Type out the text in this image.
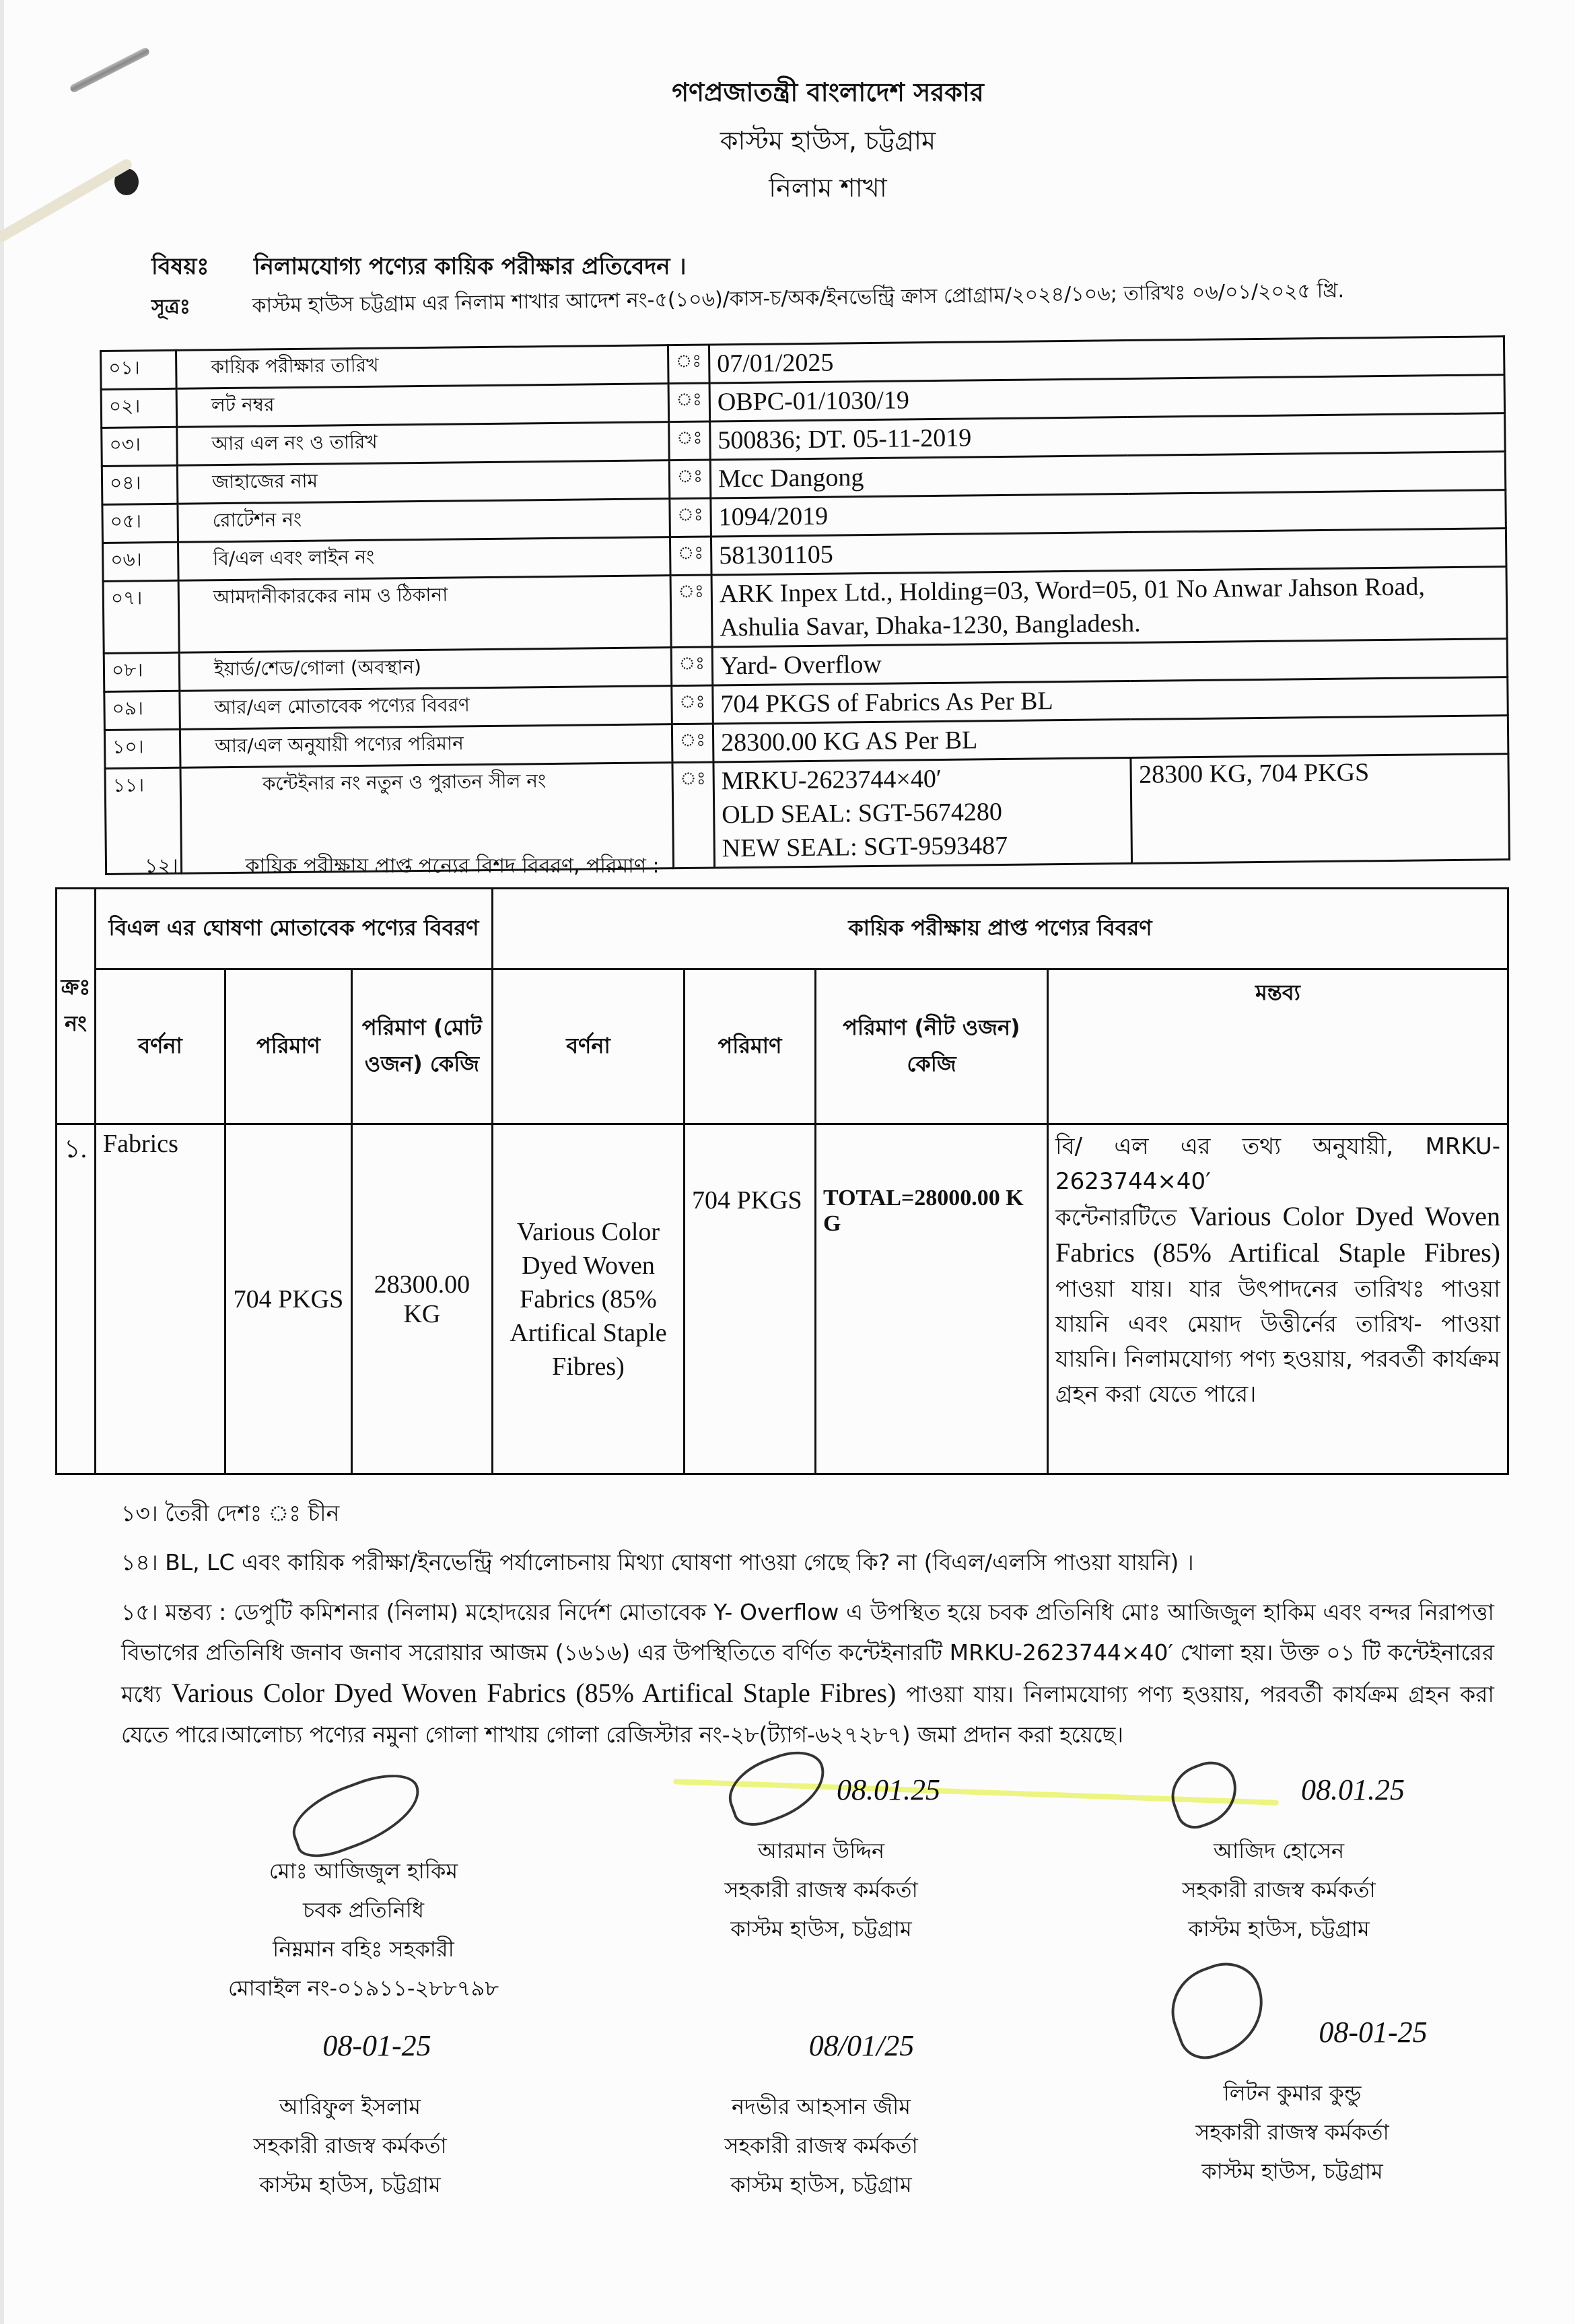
গণপ্রজাতন্ত্রী বাংলাদেশ সরকার
কাস্টম হাউস, চট্টগ্রাম
নিলাম শাখা
বিষয়ঃ নিলামযোগ্য পণ্যের কায়িক পরীক্ষার প্রতিবেদন ।
সূত্রঃ	কাস্টম হাউস চট্টগ্রাম এর নিলাম শাখার আদেশ নং-৫(১০৬)/কাস-চ/অক/ইনভেন্ট্রি ক্রাস প্রোগ্রাম/২০২৪/১০৬; তারিখঃ ০৬/০১/২০২৫ খ্রি.
০১।	কায়িক পরীক্ষার তারিখ	ঃ	07/01/2025	
০২।	লট নম্বর	ঃ	OBPC-01/1030/19	
০৩।	আর এল নং ও তারিখ	ঃ	500836; DT. 05-11-2019	
০৪।	জাহাজের নাম	ঃ	Mcc Dangong	
০৫।	রোটেশন নং	ঃ	1094/2019	
০৬।	বি/এল এবং লাইন নং	ঃ	581301105	
০৭।	আমদানীকারকের নাম ও ঠিকানা	ঃ	ARK Inpex Ltd., Holding=03, Word=05, 01 No Anwar Jahson Road, Ashulia Savar, Dhaka-1230, Bangladesh.	
০৮।	ইয়ার্ড/শেড/গোলা (অবস্থান)	ঃ	Yard- Overflow	
০৯।	আর/এল মোতাবেক পণ্যের বিবরণ	ঃ	704 PKGS of Fabrics As Per BL	
১০।	আর/এল অনুযায়ী পণ্যের পরিমান	ঃ	28300.00 KG AS Per BL	
১১।	কন্টেইনার নং নতুন ও পুরাতন সীল নং	ঃ	MRKU-2623744×40′
OLD SEAL: SGT-5674280
NEW SEAL: SGT-9593487	28300 KG, 704 PKGS
১২।	কায়িক পরীক্ষায় প্রাপ্ত পন্যের বিশদ বিবরণ, পরিমাণ :
ক্রঃ নং	বিএল এর ঘোষণা মোতাবেক পণ্যের বিবরণ			কায়িক পরীক্ষায় প্রাপ্ত পণ্যের বিবরণ			
	বর্ণনা	পরিমাণ	পরিমাণ (মোট ওজন) কেজি	বর্ণনা	পরিমাণ	পরিমাণ (নীট ওজন) কেজি	মন্তব্য
১.	Fabrics	704 PKGS	28300.00 KG	Various Color Dyed Woven Fabrics (85% Artifical Staple Fibres)	704 PKGS	TOTAL=28000.00 KG	বি/ এল এর তথ্য অনুযায়ী, MRKU-2623744×40′
কন্টেনারটিতে Various Color Dyed Woven Fabrics (85% Artifical Staple Fibres) পাওয়া যায়। যার উৎপাদনের তারিখঃ পাওয়া যায়নি এবং মেয়াদ উত্তীর্নের তারিখ- পাওয়া যায়নি। নিলামযোগ্য পণ্য হওয়ায়, পরবর্তী কার্যক্রম গ্রহন করা যেতে পারে।
১৩। তৈরী দেশঃ ঃ চীন
১৪। BL, LC এবং কায়িক পরীক্ষা/ইনভেন্ট্রি পর্যালোচনায় মিথ্যা ঘোষণা পাওয়া গেছে কি? না (বিএল/এলসি পাওয়া যায়নি) ।
১৫। মন্তব্য : ডেপুটি কমিশনার (নিলাম) মহোদয়ের নির্দেশ মোতাবেক Y- Overflow এ উপস্থিত হয়ে চবক প্রতিনিধি মোঃ আজিজুল হাকিম এবং বন্দর নিরাপত্তা বিভাগের প্রতিনিধি জনাব জনাব সরোয়ার আজম (১৬১৬) এর উপস্থিতিতে বর্ণিত কন্টেইনারটি MRKU-2623744×40′ খোলা হয়। উক্ত ০১ টি কন্টেইনারের মধ্যে Various Color Dyed Woven Fabrics (85% Artifical Staple Fibres) পাওয়া যায়। নিলামযোগ্য পণ্য হওয়ায়, পরবর্তী কার্যক্রম গ্রহন করা যেতে পারে।আলোচ্য পণ্যের নমুনা গোলা শাখায় গোলা রেজিস্টার নং-২৮(ট্যাগ-৬২৭২৮৭) জমা প্রদান করা হয়েছে।
মোঃ আজিজুল হাকিম
চবক প্রতিনিধি
নিম্নমান বহিঃ সহকারী
মোবাইল নং-০১৯১১-২৮৮৭৯৮
08.01.25
আরমান উদ্দিন
সহকারী রাজস্ব কর্মকর্তা
কাস্টম হাউস, চট্টগ্রাম
08.01.25
আজিদ হোসেন
সহকারী রাজস্ব কর্মকর্তা
কাস্টম হাউস, চট্টগ্রাম
08-01-25
আরিফুল ইসলাম
সহকারী রাজস্ব কর্মকর্তা
কাস্টম হাউস, চট্টগ্রাম
08/01/25
নদভীর আহসান জীম
সহকারী রাজস্ব কর্মকর্তা
কাস্টম হাউস, চট্টগ্রাম
08-01-25
লিটন কুমার কুন্ডু
সহকারী রাজস্ব কর্মকর্তা
কাস্টম হাউস, চট্টগ্রাম
